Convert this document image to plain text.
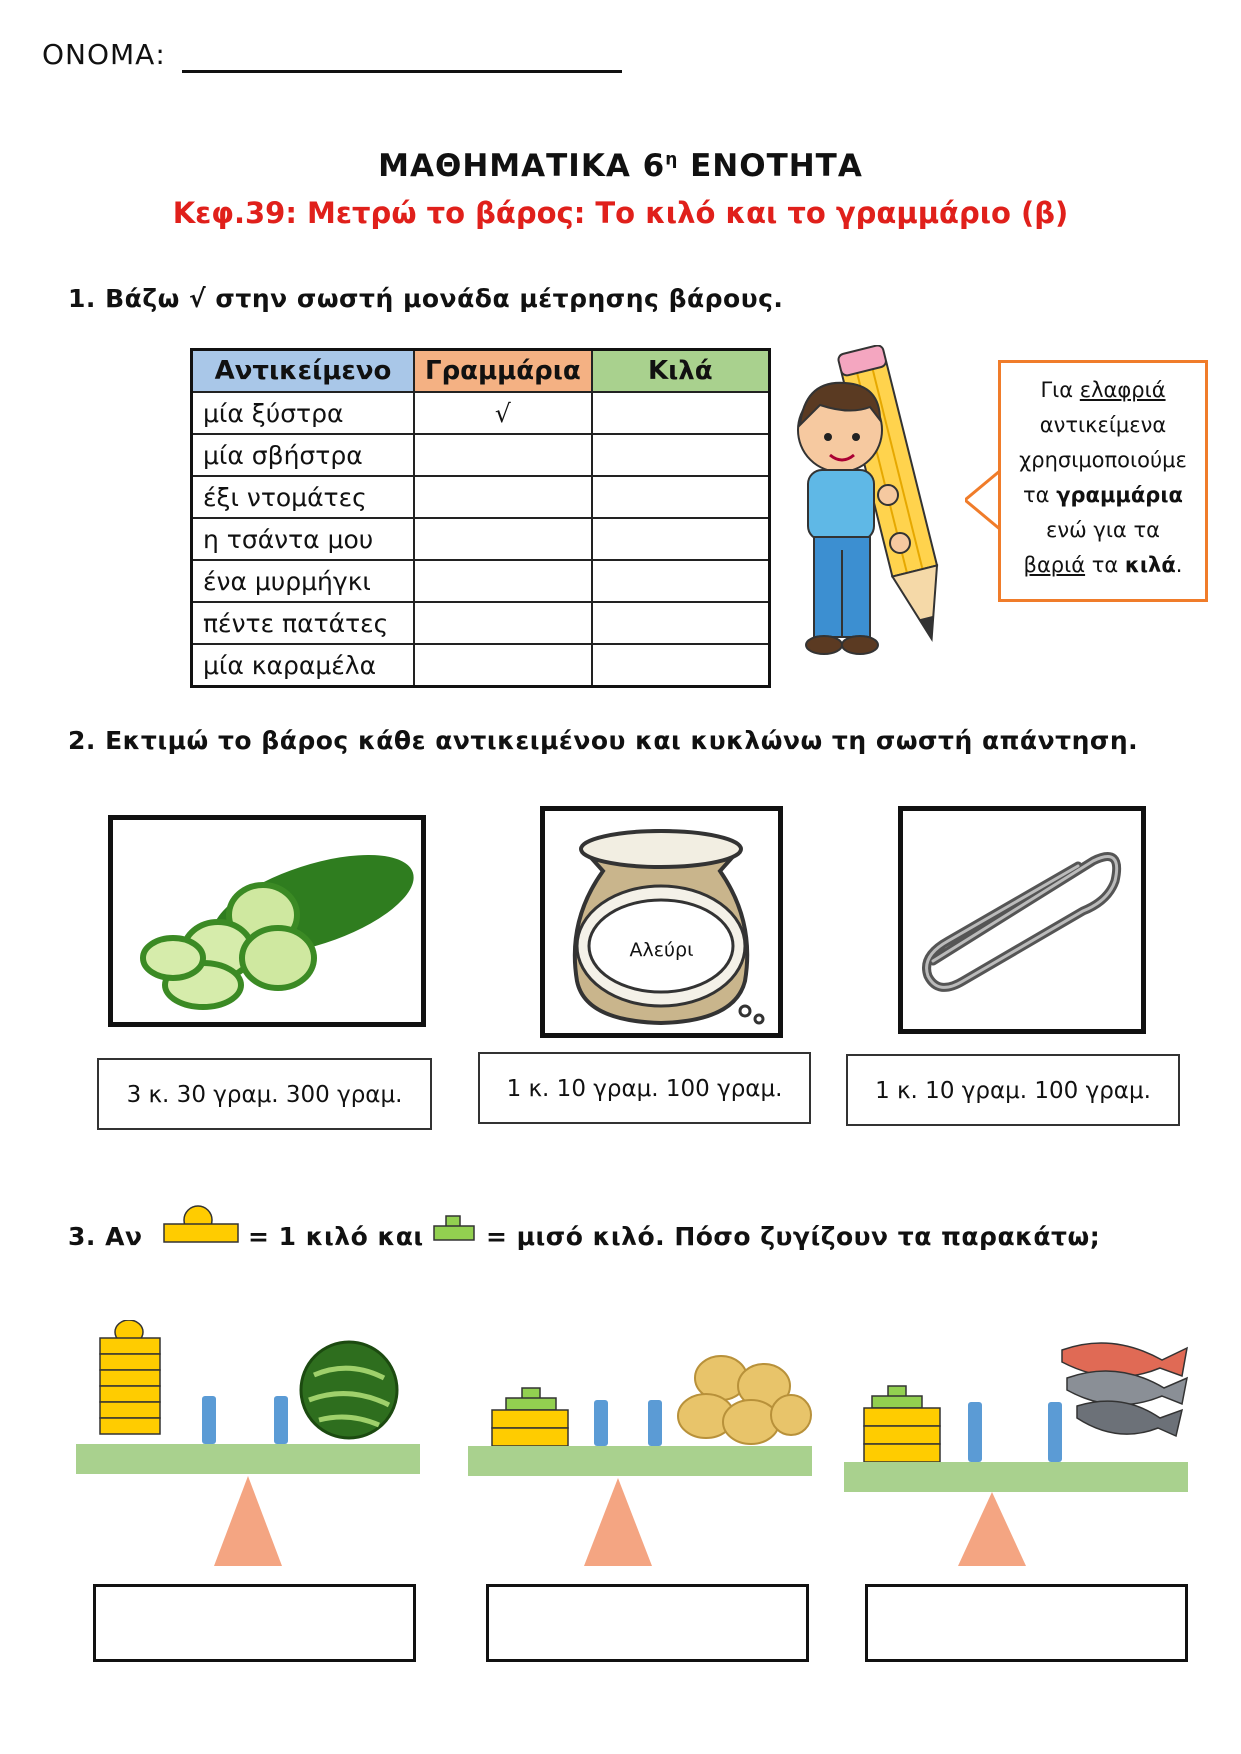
ΟΝΟΜΑ:
ΜΑΘΗΜΑΤΙΚΑ $6^\eta$ ΕΝΟΤΗΤΑ
Κεφ.39: Μετρώ το βάρος: Το κιλό και το γραμμάριο (β)
1. Βάζω √ στην σωστή μονάδα μέτρησης βάρους.
Αντικείμενο	Γραμμάρια	Κιλά
μία ξύστρα	√	
μία σβήστρα		
έξι ντομάτες		
η τσάντα μου		
ένα μυρμήγκι		
πέντε πατάτες		
μία καραμέλα		
Για ελαφριά
αντικείμενα
χρησιμοποιούμε
τα γραμμάρια
ενώ για τα
βαριά τα κιλά.
2. Εκτιμώ το βάρος κάθε αντικειμένου και κυκλώνω τη σωστή απάντηση.
3 κ. 30 γραμ. 300 γραμ.
Αλεύρι
1 κ. 10 γραμ. 100 γραμ.	1 κ. 10 γραμ. 100 γραμ.
3. Αν	= 1 κιλό και = μισό κιλό. Πόσο ζυγίζουν τα παρακάτω;
